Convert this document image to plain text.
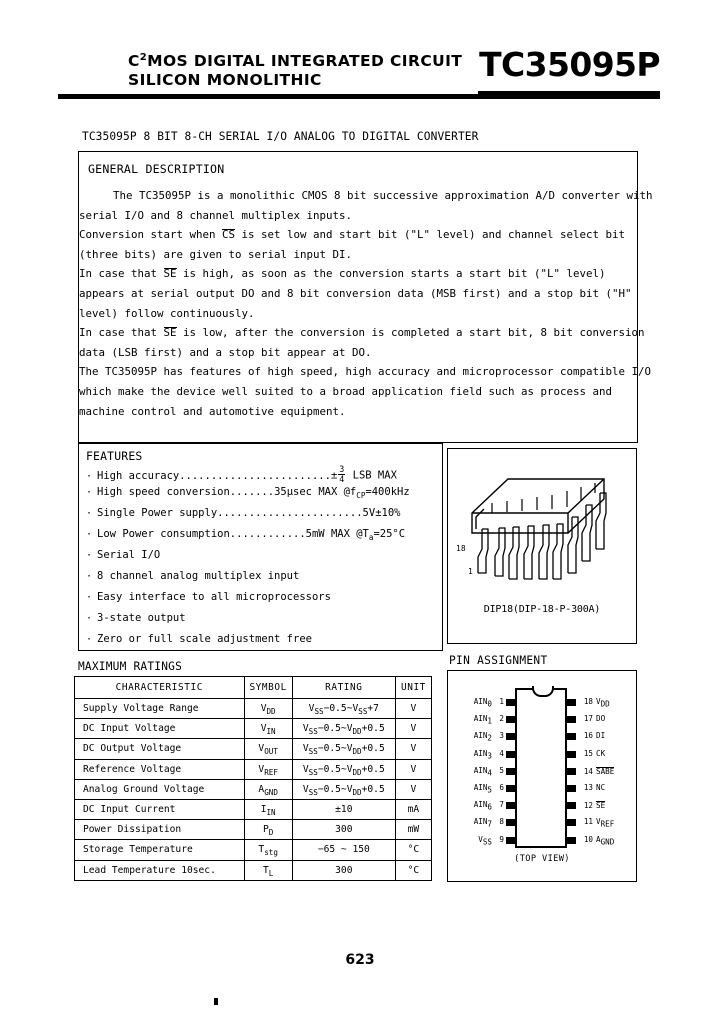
$C^2MOS$ DIGITAL INTEGRATED CIRCUIT
SILICON MONOLITHIC	TC35095P
TC35095P 8 BIT 8-CH SERIAL I/O ANALOG TO DIGITAL CONVERTER
GENERAL DESCRIPTION

The TC35095P is a monolithic CMOS 8 bit successive approximation A/D converter with

serial I/O and 8 channel multiplex inputs.

Conversion start when CS is set low and start bit ("L" level) and channel select bit

(three bits) are given to serial input DI.

In case that SE is high, as soon as the conversion starts a start bit ("L" level)

appears at serial output DO and 8 bit conversion data (MSB first) and a stop bit ("H"

level) follow continuously.

In case that SE is low, after the conversion is completed a start bit, 8 bit conversion

data (LSB first) and a stop bit appear at DO.

The TC35095P has features of high speed, high accuracy and microprocessor compatible I/O

which make the device well suited to a broad application field such as process and

machine control and automotive equipment.

FEATURES
· High accuracy ........................ ± $\frac{3}{4}$ LSB MAX
· High speed conversion ....... 35μsec MAX $@f_{CP}=400kHz$
· Single Power supply ....................... 5V±10%
· Low Power consumption ............ 5mW MAX $@T_a=25^\circ C$
· Serial I/O
· 8 channel analog multiplex input
· Easy interface to all microprocessors
· 3-state output
· Zero or full scale adjustment free
MAXIMUM RATINGS
CHARACTERISTIC	SYMBOL	RATING	UNIT
Supply Voltage Range	$V_{DD}$	$V_{SS}-0.5\sim V_{SS}+7$	V
DC Input Voltage	$V_{IN}$	$V_{SS}-0.5\sim V_{DD}+0.5$	V
DC Output Voltage	$V_{OUT}$	$V_{SS}-0.5\sim V_{DD}+0.5$	V
Reference Voltage	$V_{REF}$	$V_{SS}-0.5\sim V_{DD}+0.5$	V
Analog Ground Voltage	$A_{GND}$	$V_{SS}-0.5\sim V_{DD}+0.5$	V
DC Input Current	$I_{IN}$	±10	mA
Power Dissipation	$P_D$	300	mW
Storage Temperature	$T_{stg}$	−65 ~ 150	°C
Lead Temperature 10sec.	$T_L$	300	°C
18
1
DIP18(DIP-18-P-300A)
PIN ASSIGNMENT
(TOP VIEW)
AIN01
AIN12
AIN23
AIN34
AIN45
AIN56
AIN67
AIN78
VSS9
18 VDD
17 DO
16 DI
15 CK
14 SABE
13 NC
12 SE
11 VREF
10 AGND
623
